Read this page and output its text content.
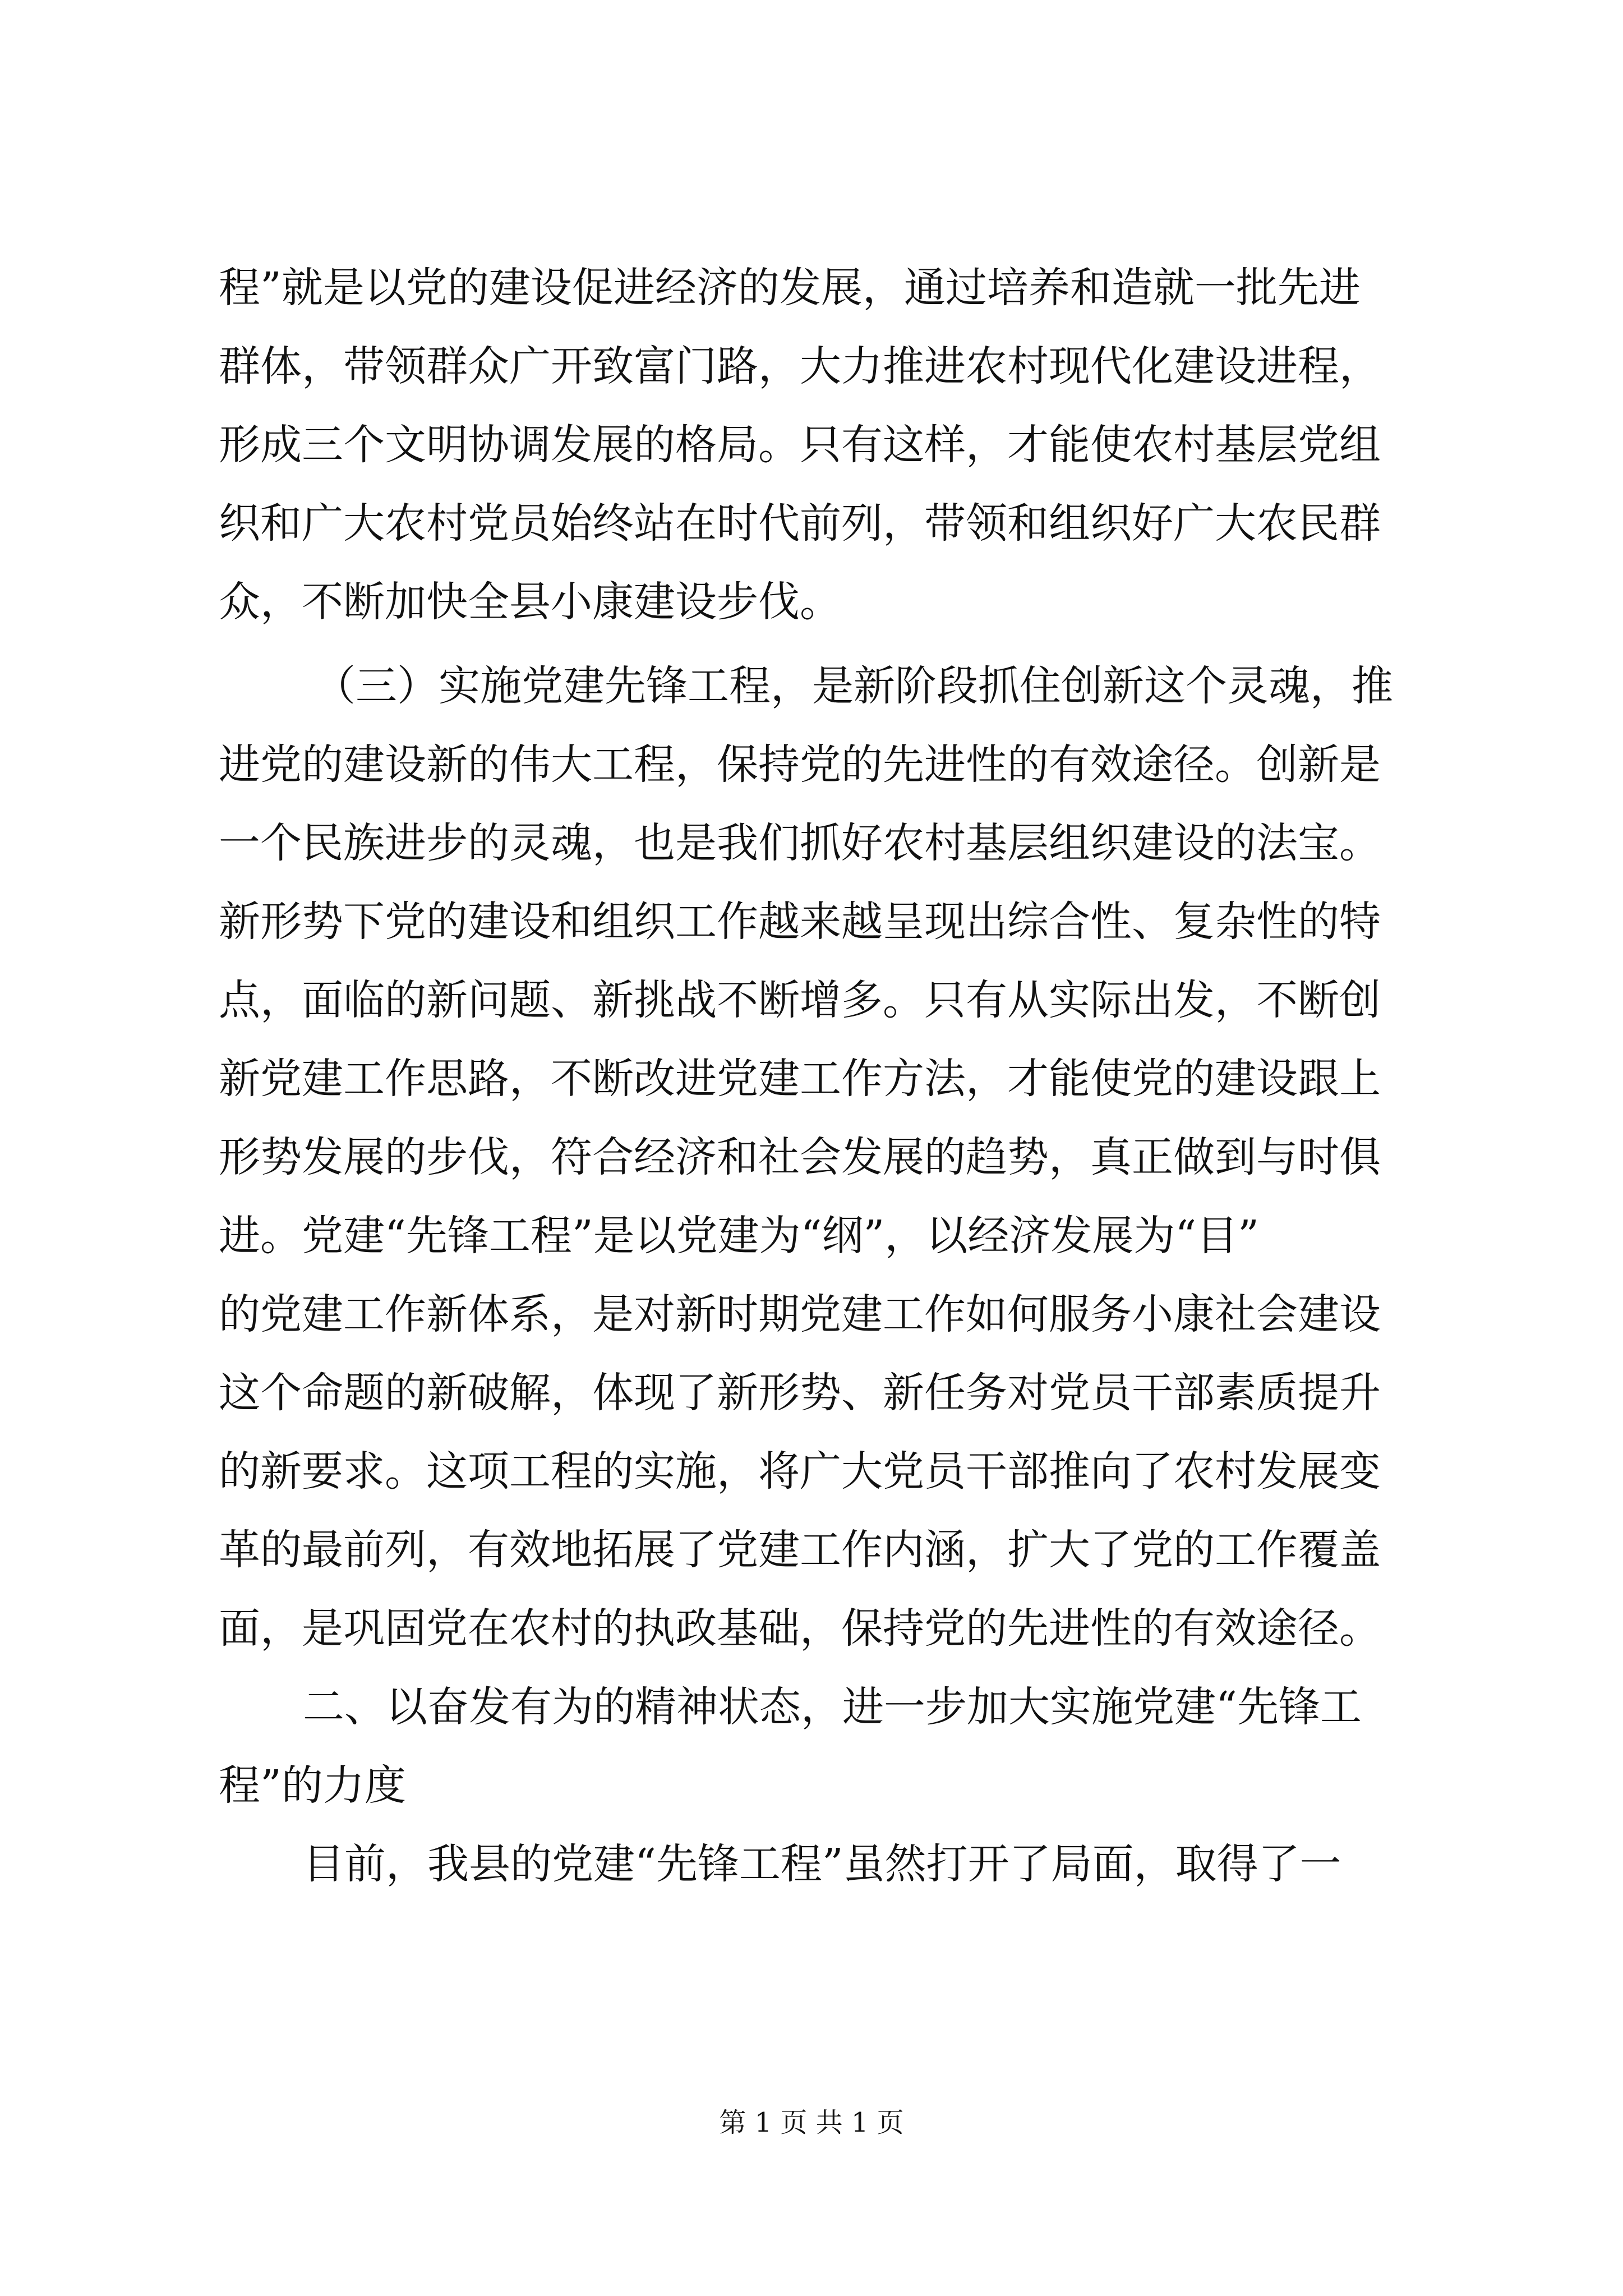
程”就是以党的建设促进经济的发展，通过培养和造就一批先进
群体，带领群众广开致富门路，大力推进农村现代化建设进程，
形成三个文明协调发展的格局。只有这样，才能使农村基层党组
织和广大农村党员始终站在时代前列，带领和组织好广大农民群
众，不断加快全县小康建设步伐。
（三）实施党建先锋工程，是新阶段抓住创新这个灵魂，推
进党的建设新的伟大工程，保持党的先进性的有效途径。创新是
一个民族进步的灵魂，也是我们抓好农村基层组织建设的法宝。
新形势下党的建设和组织工作越来越呈现出综合性、复杂性的特
点，面临的新问题、新挑战不断增多。只有从实际出发，不断创
新党建工作思路，不断改进党建工作方法，才能使党的建设跟上
形势发展的步伐，符合经济和社会发展的趋势，真正做到与时俱
进。党建“先锋工程”是以党建为“纲”，以经济发展为“目”
的党建工作新体系，是对新时期党建工作如何服务小康社会建设
这个命题的新破解，体现了新形势、新任务对党员干部素质提升
的新要求。这项工程的实施，将广大党员干部推向了农村发展变
革的最前列，有效地拓展了党建工作内涵，扩大了党的工作覆盖
面，是巩固党在农村的执政基础，保持党的先进性的有效途径。
二、以奋发有为的精神状态，进一步加大实施党建“先锋工
程”的力度
目前，我县的党建“先锋工程”虽然打开了局面，取得了一
第 1 页 共 1 页
